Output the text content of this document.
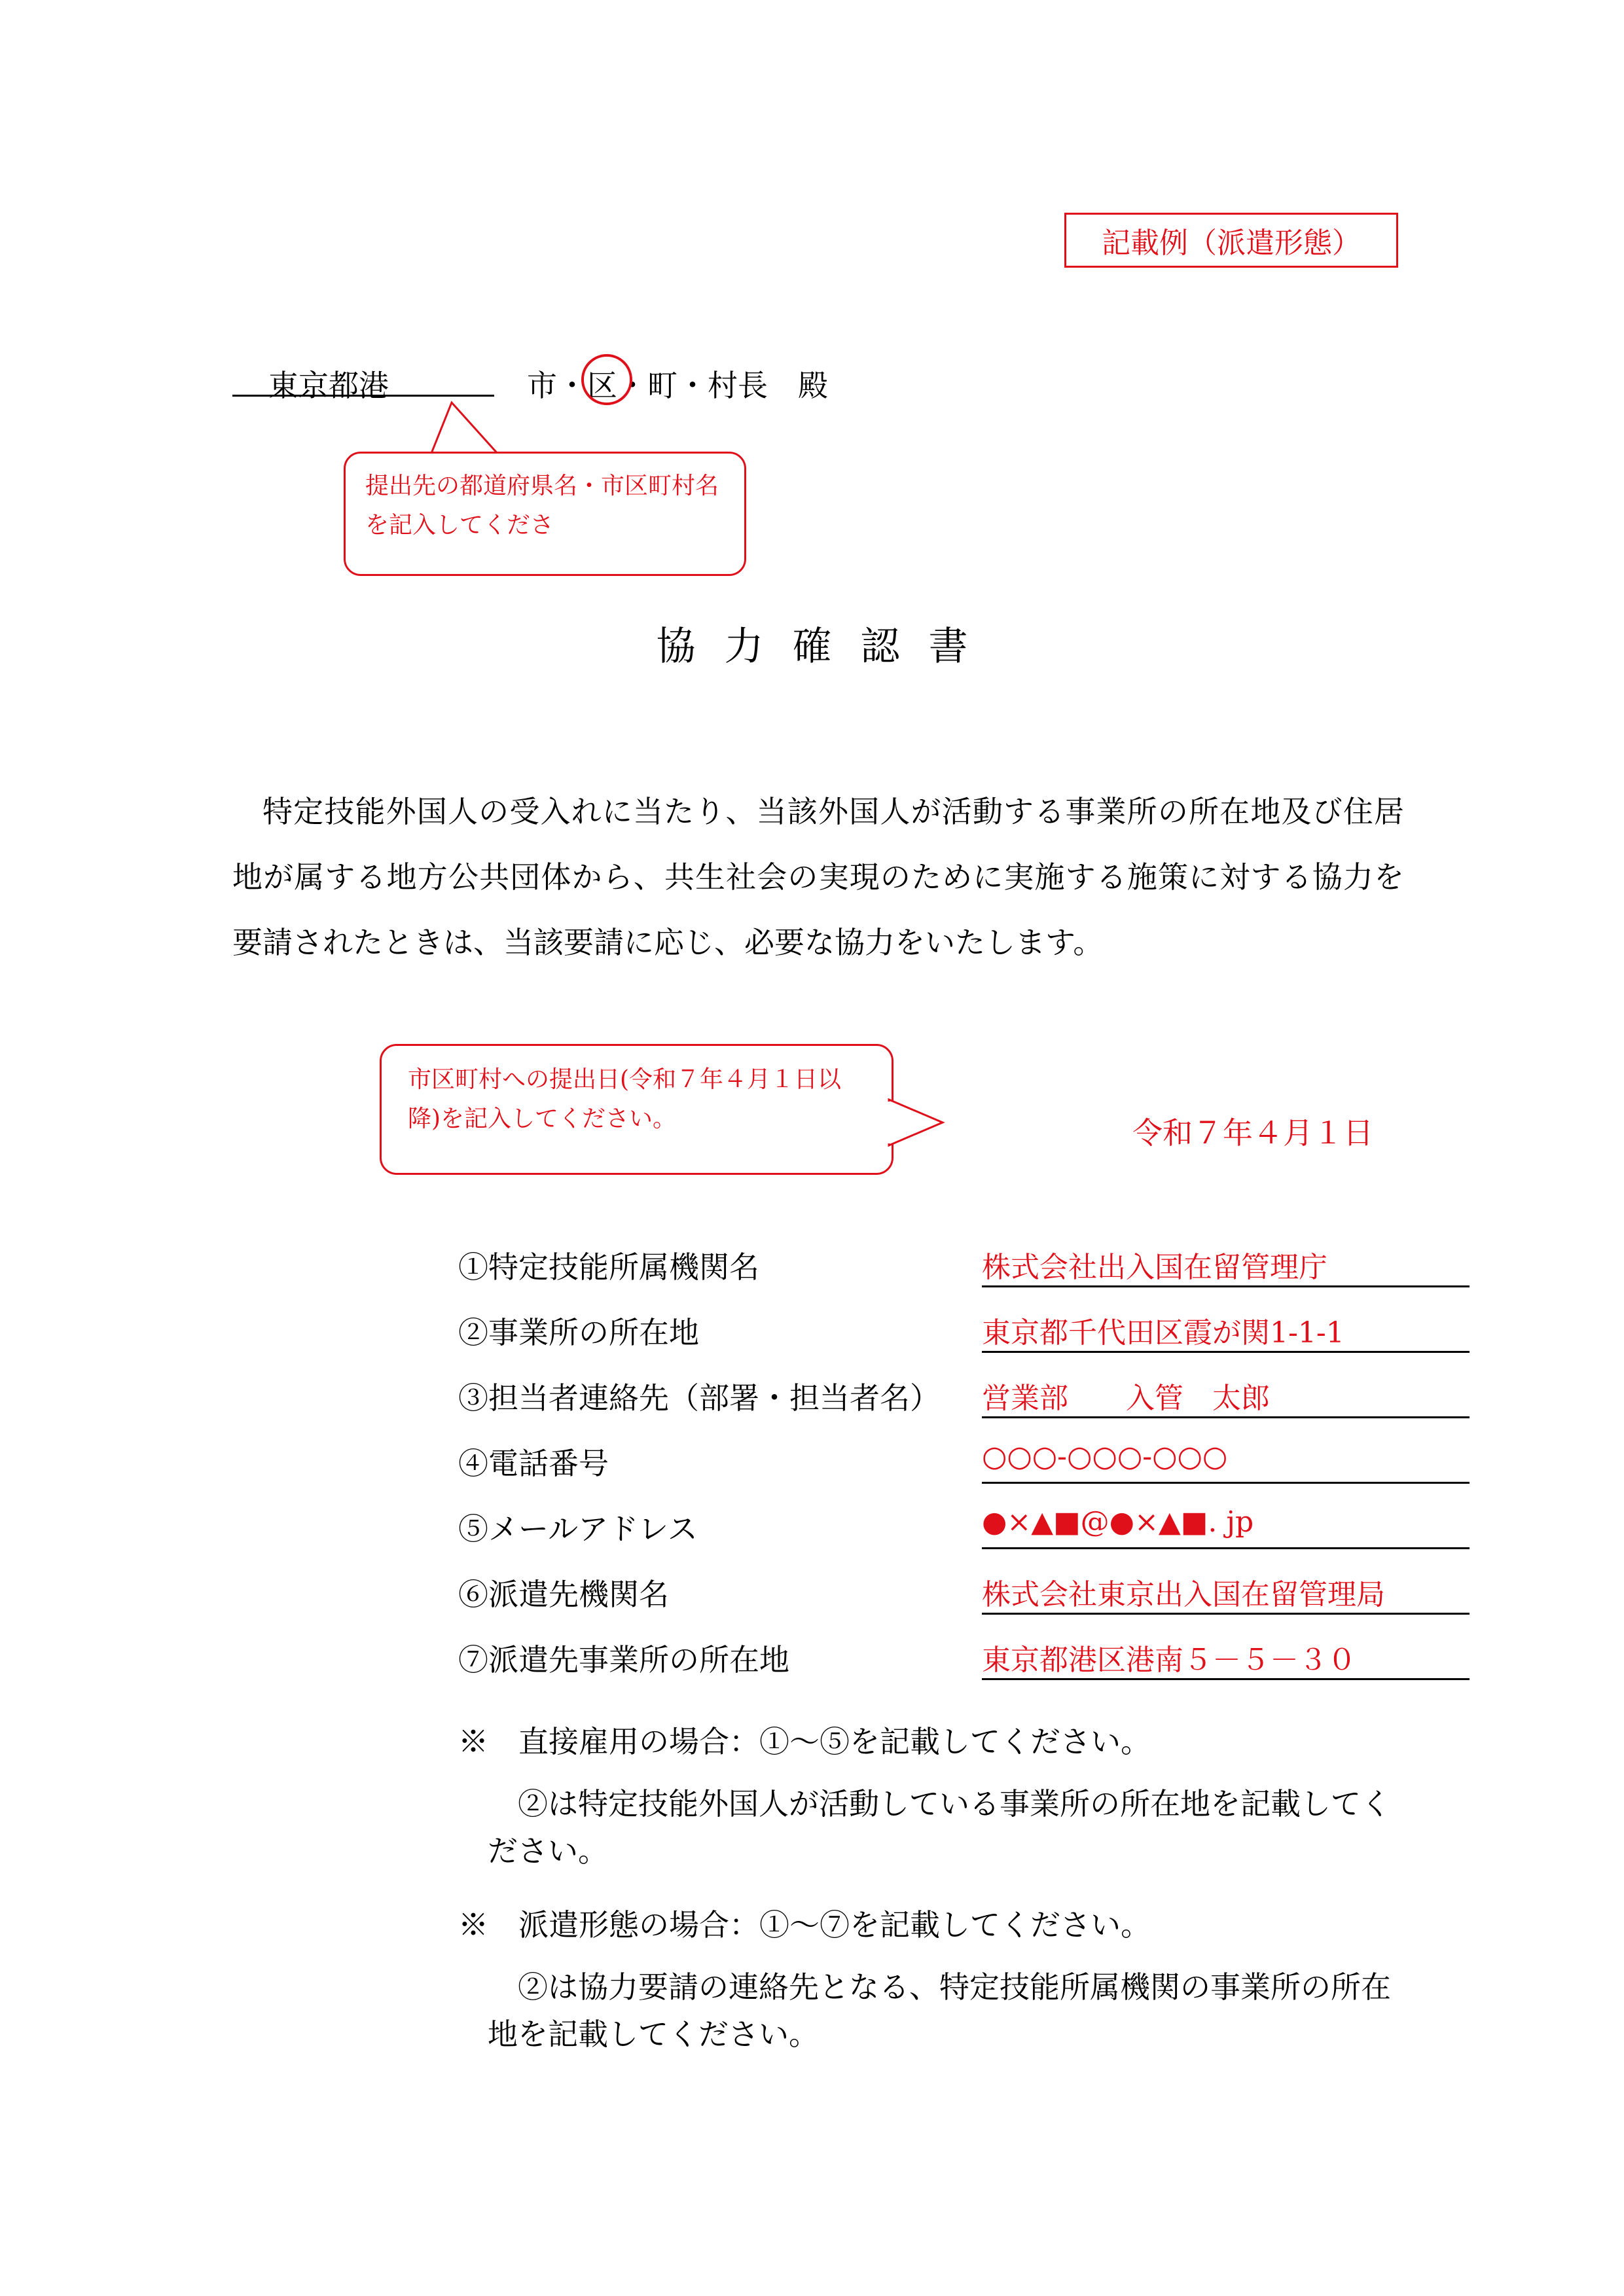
記載例（派遣形態）
東京都港	市・区・町・村長　殿
提出先の都道府県名・市区町村名を記入してくださ
協力確認書
特定技能外国人の受入れに当たり、当該外国人が活動する事業所の所在地及び住居地が属する地方公共団体から、共生社会の実現のために実施する施策に対する協力を要請されたときは、当該要請に応じ、必要な協力をいたします。
市区町村への提出日(令和７年４月１日以降)を記入してください。	令和７年４月１日
①特定技能所属機関名	株式会社出入国在留管理庁
②事業所の所在地	東京都千代田区霞が関1-1-1
③担当者連絡先（部署・担当者名） 営業部　　入管　太郎
④電話番号	○○○-○○○-○○○
⑤メールアドレス	●×▲■@●×▲■. jp
⑥派遣先機関名	株式会社東京出入国在留管理局
⑦派遣先事業所の所在地	東京都港区港南５－５－３０
※　直接雇用の場合：①～⑤を記載してください。
②は特定技能外国人が活動している事業所の所在地を記載してください。
※　派遣形態の場合：①～⑦を記載してください。
②は協力要請の連絡先となる、特定技能所属機関の事業所の所在地を記載してください。
